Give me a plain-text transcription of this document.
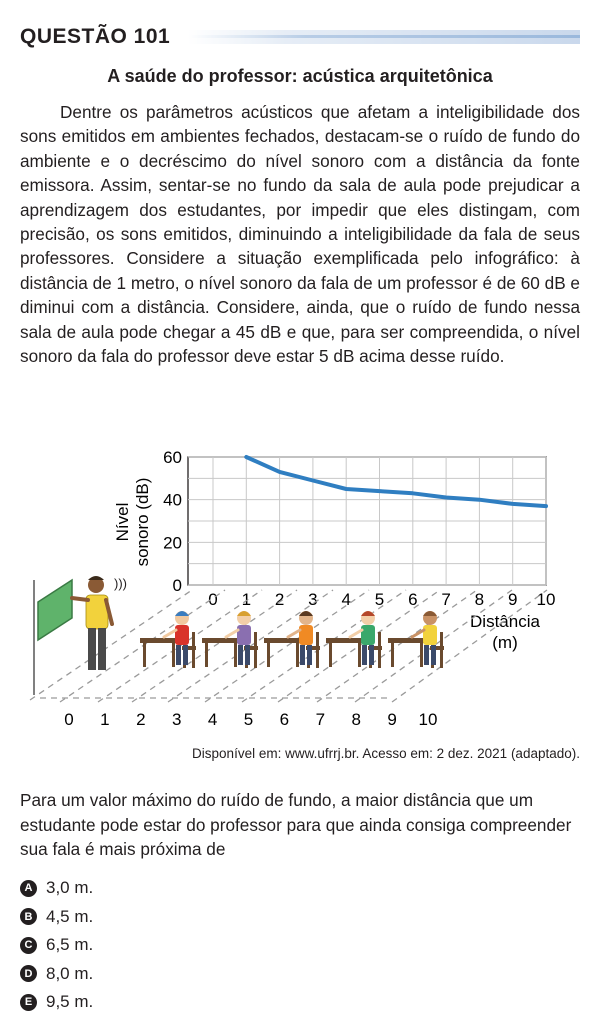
QUESTÃO 101
A saúde do professor: acústica arquitetônica

Dentre os parâmetros acústicos que afetam a inteligibilidade dos sons emitidos em ambientes fechados, destacam-se o ruído de fundo do ambiente e o decréscimo do nível sonoro com a distância da fonte emissora. Assim, sentar-se no fundo da sala de aula pode prejudicar a aprendizagem dos estudantes, por impedir que eles distingam, com precisão, os sons emitidos, diminuindo a inteligibilidade da fala de seus professores. Considere a situação exemplificada pelo infográfico: à distância de 1 metro, o nível sonoro da fala de um professor é de 60 dB e diminui com a distância. Considere, ainda, que o ruído de fundo nessa sala de aula pode chegar a 45 dB e que, para ser compreendida, o nível sonoro da fala do professor deve estar 5 dB acima desse ruído.

0
20
40
60
0 1 2 3 4 5 6 7 8 9 10
Nível sonoro (dB)
Distância
(m)
)))
0 1 2 3 4 5 6 7 8 9 10
Disponível em: www.ufrrj.br. Acesso em: 2 dez. 2021 (adaptado).

Para um valor máximo do ruído de fundo, a maior distância que um estudante pode estar do professor para que ainda consiga compreender sua fala é mais próxima de

A 3,0 m.
B 4,5 m.
C 6,5 m.
D 8,0 m.
E 9,5 m.
